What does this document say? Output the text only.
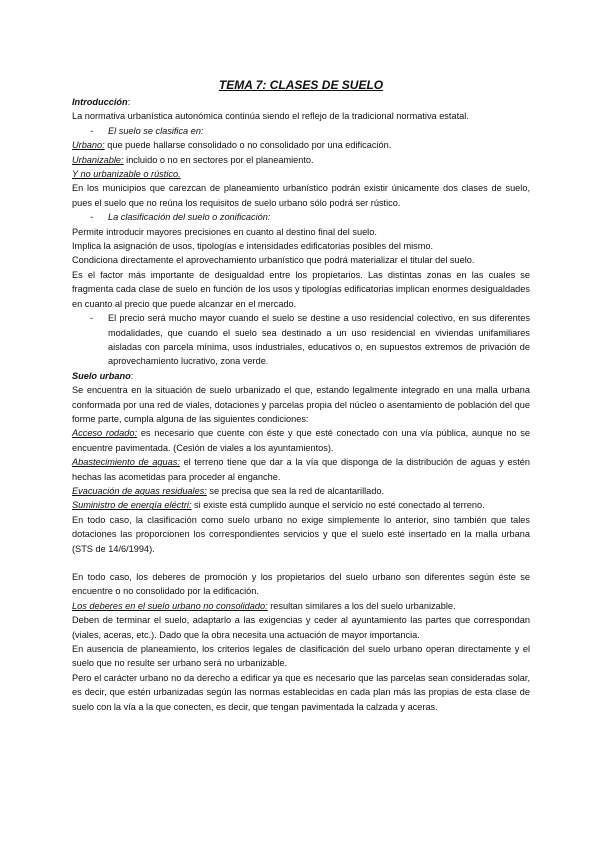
TEMA 7: CLASES DE SUELO

Introducción:

La normativa urbanística autonómica continúa siendo el reflejo de la tradicional normativa estatal.

- El suelo se clasifica en:

Urbano: que puede hallarse consolidado o no consolidado por una edificación.

Urbanizable: incluido o no en sectores por el planeamiento.

Y no urbanizable o rústico.

En los municipios que carezcan de planeamiento urbanístico podrán existir únicamente dos clases de suelo, pues el suelo que no reúna los requisitos de suelo urbano sólo podrá ser rústico.

- La clasificación del suelo o zonificación:

Permite introducir mayores precisiones en cuanto al destino final del suelo.

Implica la asignación de usos, tipologías e intensidades edificatorias posibles del mismo.

Condiciona directamente el aprovechamiento urbanístico que podrá materializar el titular del suelo.

Es el factor más importante de desigualdad entre los propietarios. Las distintas zonas en las cuales se fragmenta cada clase de suelo en función de los usos y tipologías edificatorias implican enormes desigualdades en cuanto al precio que puede alcanzar en el mercado.

- El precio será mucho mayor cuando el suelo se destine a uso residencial colectivo, en sus diferentes modalidades, que cuando el suelo sea destinado a un uso residencial en viviendas unifamiliares aisladas con parcela mínima, usos industriales, educativos o, en supuestos extremos de privación de aprovechamiento lucrativo, zona verde.

Suelo urbano:

Se encuentra en la situación de suelo urbanizado el que, estando legalmente integrado en una malla urbana conformada por una red de viales, dotaciones y parcelas propia del núcleo o asentamiento de población del que forme parte, cumpla alguna de las siguientes condiciones:

Acceso rodado: es necesario que cuente con éste y que esté conectado con una vía pública, aunque no se encuentre pavimentada. (Cesión de viales a los ayuntamientos).

Abastecimiento de aguas: el terreno tiene que dar a la vía que disponga de la distribución de aguas y estén hechas las acometidas para proceder al enganche.

Evacuación de aguas residuales: se precisa que sea la red de alcantarillado.

Suministro de energía eléctri: si existe está cumplido aunque el servicio no esté conectado al terreno.

En todo caso, la clasificación como suelo urbano no exige simplemente lo anterior, sino también que tales dotaciones las proporcionen los correspondientes servicios y que el suelo esté insertado en la malla urbana (STS de 14/6/1994).

En todo caso, los deberes de promoción y los propietarios del suelo urbano son diferentes según éste se encuentre o no consolidado por la edificación.

Los deberes en el suelo urbano no consolidado: resultan similares a los del suelo urbanizable.

Deben de terminar el suelo, adaptarlo a las exigencias y ceder al ayuntamiento las partes que correspondan (viales, aceras, etc.). Dado que la obra necesita una actuación de mayor importancia.

En ausencia de planeamiento, los criterios legales de clasificación del suelo urbano operan directamente y el suelo que no resulte ser urbano será no urbanizable.

Pero el carácter urbano no da derecho a edificar ya que es necesario que las parcelas sean consideradas solar, es decir, que estén urbanizadas según las normas establecidas en cada plan más las propias de esta clase de suelo con la vía a la que conecten, es decir, que tengan pavimentada la calzada y aceras.
